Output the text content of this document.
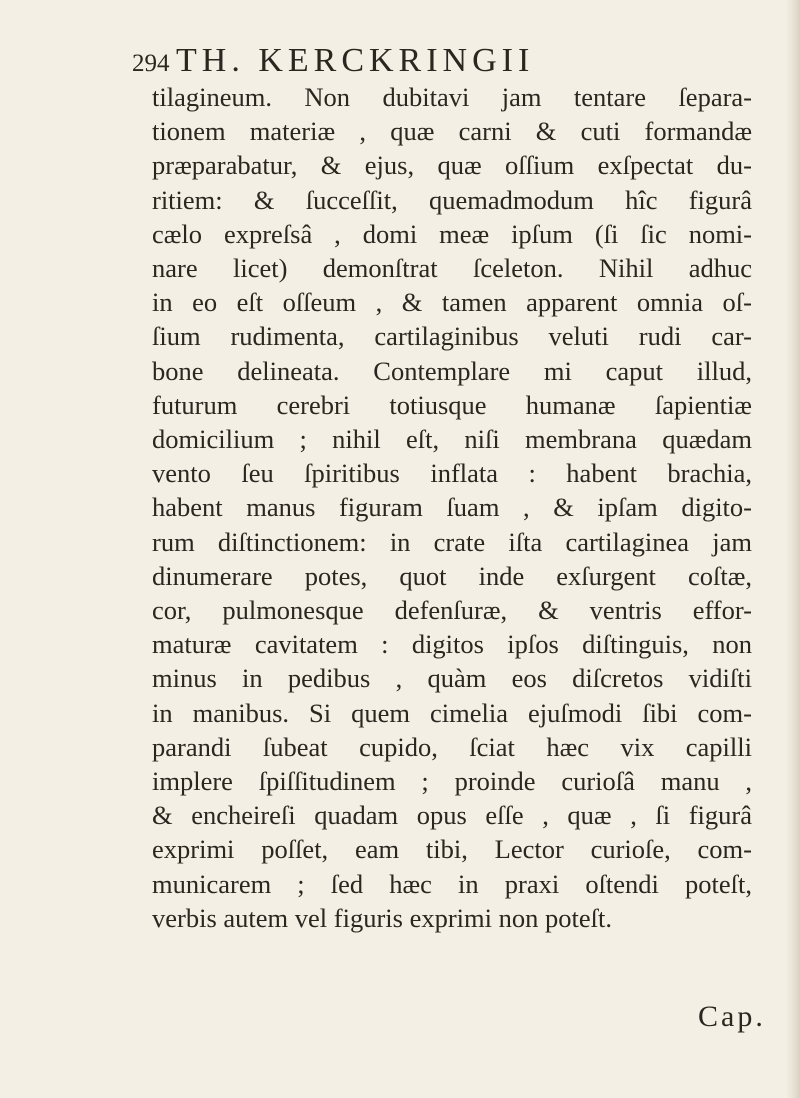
294 TH. KERCKRINGII
tilagineum. Non dubitavi jam tentare ſepara-
tionem materiæ , quæ carni & cuti formandæ
præparabatur, & ejus, quæ oſſium exſpectat du-
ritiem: & ſucceſſit, quemadmodum hîc figurâ
cælo expreſsâ , domi meæ ipſum (ſi ſic nomi-
nare licet) demonſtrat ſceleton. Nihil adhuc
in eo eſt oſſeum , & tamen apparent omnia oſ-
ſium rudimenta, cartilaginibus veluti rudi car-
bone delineata. Contemplare mi caput illud,
futurum cerebri totiusque humanæ ſapientiæ
domicilium ; nihil eſt, niſi membrana quædam
vento ſeu ſpiritibus inflata : habent brachia,
habent manus figuram ſuam , & ipſam digito-
rum diſtinctionem: in crate iſta cartilaginea jam
dinumerare potes, quot inde exſurgent coſtæ,
cor, pulmonesque defenſuræ, & ventris effor-
maturæ cavitatem : digitos ipſos diſtinguis, non
minus in pedibus , quàm eos diſcretos vidiſti
in manibus. Si quem cimelia ejuſmodi ſibi com-
parandi ſubeat cupido, ſciat hæc vix capilli
implere ſpiſſitudinem ; proinde curioſâ manu ,
& encheireſi quadam opus eſſe , quæ , ſi figurâ
exprimi poſſet, eam tibi, Lector curioſe, com-
municarem ; ſed hæc in praxi oſtendi poteſt,
verbis autem vel figuris exprimi non poteſt.
Cap.
